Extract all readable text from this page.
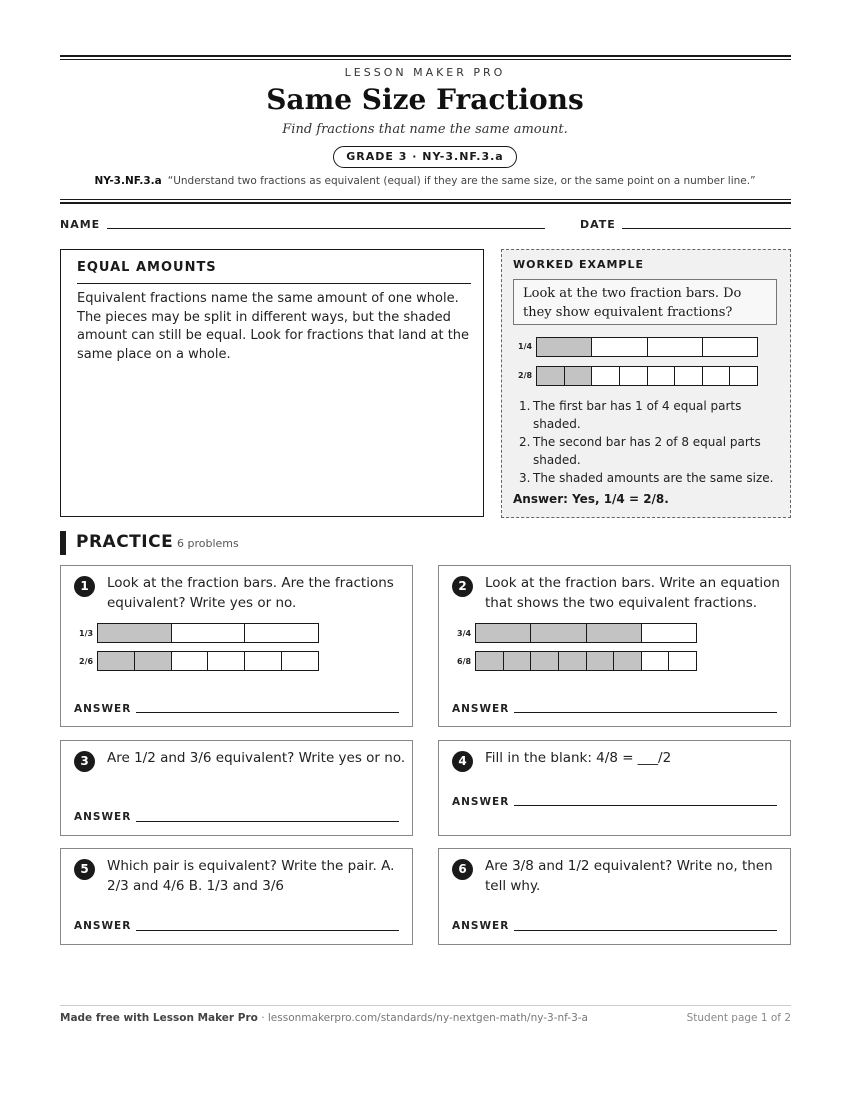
LESSON MAKER PRO
Same Size Fractions
Find fractions that name the same amount.
GRADE 3 · NY-3.NF.3.a
NY-3.NF.3.a “Understand two fractions as equivalent (equal) if they are the same size, or the same point on a number line.”
NAME	DATE
EQUAL AMOUNTS
Equivalent fractions name the same amount of one whole. The pieces may be split in different ways, but the shaded amount can still be equal. Look for fractions that land at the same place on a whole.
WORKED EXAMPLE
Look at the two fraction bars. Do they show equivalent fractions?
1/4
2/8
1. The first bar has 1 of 4 equal parts shaded.
2. The second bar has 2 of 8 equal parts shaded.
3. The shaded amounts are the same size.
Answer: Yes, 1/4 = 2/8.
PRACTICE 6 problems
1	Look at the fraction bars. Are the fractions equivalent? Write yes or no.
1/3
2/6
ANSWER
2	Look at the fraction bars. Write an equation that shows the two equivalent fractions.
3/4
6/8
ANSWER
3	Are 1/2 and 3/6 equivalent? Write yes or no.
ANSWER
4	Fill in the blank: 4/8 = ___/2
ANSWER
5	Which pair is equivalent? Write the pair. A. 2/3 and 4/6 B. 1/3 and 3/6
ANSWER
6	Are 3/8 and 1/2 equivalent? Write no, then tell why.
ANSWER
Made free with Lesson Maker Pro · lessonmakerpro.com/standards/ny-nextgen-math/ny-3-nf-3-a	Student page 1 of 2
